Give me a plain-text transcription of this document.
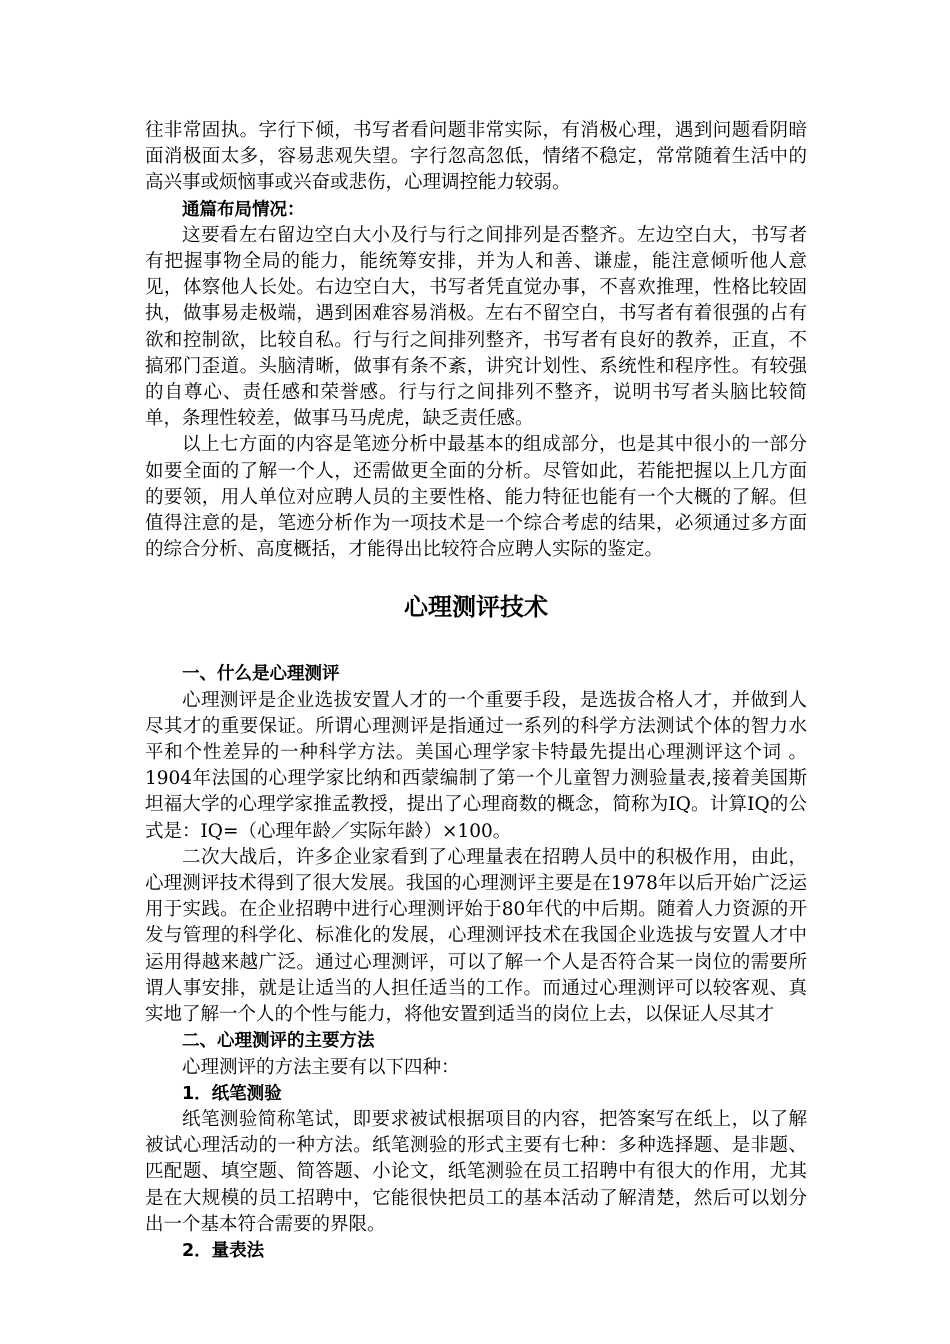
往非常固执。字行下倾，书写者看问题非常实际，有消极心理，遇到问题看阴暗面消极面太多，容易悲观失望。字行忽高忽低，情绪不稳定，常常随着生活中的高兴事或烦恼事或兴奋或悲伤，心理调控能力较弱。

通篇布局情况：

这要看左右留边空白大小及行与行之间排列是否整齐。左边空白大，书写者有把握事物全局的能力，能统筹安排，并为人和善、谦虚，能注意倾听他人意见，体察他人长处。右边空白大，书写者凭直觉办事，不喜欢推理，性格比较固执，做事易走极端，遇到困难容易消极。左右不留空白，书写者有着很强的占有欲和控制欲，比较自私。行与行之间排列整齐，书写者有良好的教养，正直，不搞邪门歪道。头脑清晰，做事有条不紊，讲究计划性、系统性和程序性。有较强的自尊心、责任感和荣誉感。行与行之间排列不整齐，说明书写者头脑比较简单，条理性较差，做事马马虎虎，缺乏责任感。

以上七方面的内容是笔迹分析中最基本的组成部分，也是其中很小的一部分如要全面的了解一个人，还需做更全面的分析。尽管如此，若能把握以上几方面的要领，用人单位对应聘人员的主要性格、能力特征也能有一个大概的了解。但值得注意的是，笔迹分析作为一项技术是一个综合考虑的结果，必须通过多方面的综合分析、高度概括，才能得出比较符合应聘人实际的鉴定。

心理测评技术

一、什么是心理测评

心理测评是企业选拔安置人才的一个重要手段，是选拔合格人才，并做到人尽其才的重要保证。所谓心理测评是指通过一系列的科学方法测试个体的智力水平和个性差异的一种科学方法。美国心理学家卡特最先提出心理测评这个词 。1904年法国的心理学家比纳和西蒙编制了第一个儿童智力测验量表,接着美国斯坦福大学的心理学家推孟教授，提出了心理商数的概念，简称为IQ。计算IQ的公式是：IQ=（心理年龄／实际年龄）×100。

二次大战后，许多企业家看到了心理量表在招聘人员中的积极作用，由此，心理测评技术得到了很大发展。我国的心理测评主要是在1978年以后开始广泛运用于实践。在企业招聘中进行心理测评始于80年代的中后期。随着人力资源的开发与管理的科学化、标准化的发展，心理测评技术在我国企业选拔与安置人才中运用得越来越广泛。通过心理测评，可以了解一个人是否符合某一岗位的需要所谓人事安排，就是让适当的人担任适当的工作。而通过心理测评可以较客观、真实地了解一个人的个性与能力，将他安置到适当的岗位上去，以保证人尽其才

二、心理测评的主要方法

心理测评的方法主要有以下四种：

1．纸笔测验

纸笔测验简称笔试，即要求被试根据项目的内容，把答案写在纸上，以了解被试心理活动的一种方法。纸笔测验的形式主要有七种：多种选择题、是非题、匹配题、填空题、简答题、小论文，纸笔测验在员工招聘中有很大的作用，尤其是在大规模的员工招聘中，它能很快把员工的基本活动了解清楚，然后可以划分出一个基本符合需要的界限。

2．量表法
